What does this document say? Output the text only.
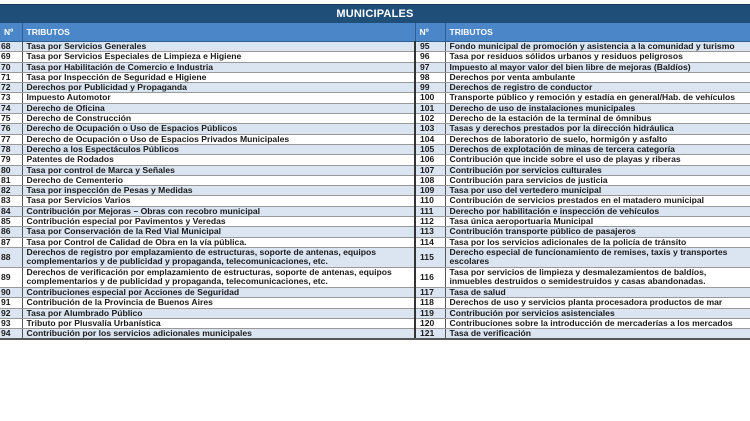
MUNICIPALES
Nº	TRIBUTOS	Nº	TRIBUTOS
68	Tasa por Servicios Generales	95	Fondo municipal de promoción y asistencia a la comunidad y turismo
69	Tasa por Servicios Especiales de Limpieza e Higiene	96	Tasa por residuos sólidos urbanos y residuos peligrosos
70	Tasa por Habilitación de Comercio e Industria	97	Impuesto al mayor valor del bien libre de mejoras (Baldíos)
71	Tasa por Inspección de Seguridad e Higiene	98	Derechos por venta ambulante
72	Derechos por Publicidad y Propaganda	99	Derechos de registro de conductor
73	Impuesto Automotor	100	Transporte público y remoción y estadía en general/Hab. de vehículos
74	Derecho de Oficina	101	Derecho de uso de instalaciones municipales
75	Derecho de Construcción	102	Derecho de la estación de la terminal de ómnibus
76	Derecho de Ocupación o Uso de Espacios Públicos	103	Tasas y derechos prestados por la dirección hidráulica
77	Derecho de Ocupación o Uso de Espacios Privados Municipales	104	Derechos de laboratorio de suelo, hormigón y asfalto
78	Derecho a los Espectáculos Públicos	105	Derechos de explotación de minas de tercera categoría
79	Patentes de Rodados	106	Contribución que incide sobre el uso de playas y riberas
80	Tasa por control de Marca y Señales	107	Contribución por servicios culturales
81	Derecho de Cementerio	108	Contribución para servicios de justicia
82	Tasa por inspección de Pesas y Medidas	109	Tasa por uso del vertedero municipal
83	Tasa por Servicios Varios	110	Contribución de servicios prestados en el matadero municipal
84	Contribución por Mejoras – Obras con recobro municipal	111	Derecho por habilitación e inspección de vehículos
85	Contribución especial por Pavimentos y Veredas	112	Tasa única aeroportuaria Municipal
86	Tasa por Conservación de la Red Vial Municipal	113	Contribución transporte público de pasajeros
87	Tasa por Control de Calidad de Obra en la vía pública.	114	Tasa por los servicios adicionales de la policía de tránsito
88	Derechos de registro por emplazamiento de estructuras, soporte de antenas, equipos complementarios y de publicidad y propaganda, telecomunicaciones, etc.	115	Derecho especial de funcionamiento de remises, taxis y transportes escolares
89	Derechos de verificación por emplazamiento de estructuras, soporte de antenas, equipos complementarios y de publicidad y propaganda, telecomunicaciones, etc.	116	Tasa por servicios de limpieza y desmalezamientos de baldíos, inmuebles destruidos o semidestruidos y casas abandonadas.
90	Contribuciones especial por Acciones de Seguridad	117	Tasa de salud
91	Contribución de la Provincia de Buenos Aires	118	Derechos de uso y servicios planta procesadora productos de mar
92	Tasa por Alumbrado Público	119	Contribución por servicios asistenciales
93	Tributo por Plusvalía Urbanística	120	Contribuciones sobre la introducción de mercaderías a los mercados
94	Contribución por los servicios adicionales municipales	121	Tasa de verificación
